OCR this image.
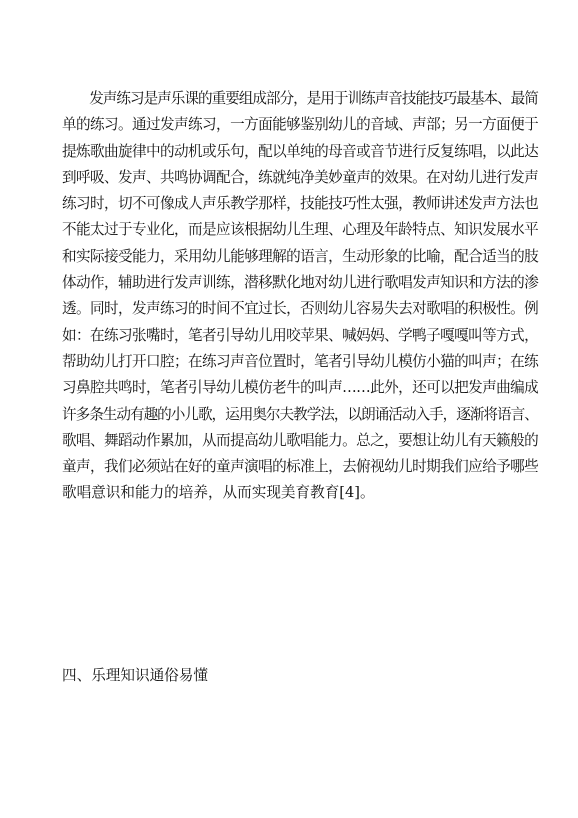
　　发声练习是声乐课的重要组成部分，是用于训练声音技能技巧最基本、最简
单的练习。通过发声练习，一方面能够鉴别幼儿的音域、声部；另一方面便于
提炼歌曲旋律中的动机或乐句，配以单纯的母音或音节进行反复练唱，以此达
到呼吸、发声、共鸣协调配合，练就纯净美妙童声的效果。在对幼儿进行发声
练习时，切不可像成人声乐教学那样，技能技巧性太强，教师讲述发声方法也
不能太过于专业化，而是应该根据幼儿生理、心理及年龄特点、知识发展水平
和实际接受能力，采用幼儿能够理解的语言，生动形象的比喻，配合适当的肢
体动作，辅助进行发声训练，潜移默化地对幼儿进行歌唱发声知识和方法的渗
透。同时，发声练习的时间不宜过长，否则幼儿容易失去对歌唱的积极性。例
如：在练习张嘴时，笔者引导幼儿用咬苹果、喊妈妈、学鸭子嘎嘎叫等方式，
帮助幼儿打开口腔；在练习声音位置时，笔者引导幼儿模仿小猫的叫声；在练
习鼻腔共鸣时，笔者引导幼儿模仿老牛的叫声……此外，还可以把发声曲编成
许多条生动有趣的小儿歌，运用奥尔夫教学法，以朗诵活动入手，逐渐将语言、
歌唱、舞蹈动作累加，从而提高幼儿歌唱能力。总之，要想让幼儿有天籁般的
童声，我们必须站在好的童声演唱的标准上，去俯视幼儿时期我们应给予哪些
歌唱意识和能力的培养，从而实现美育教育[4]。

四、乐理知识通俗易懂
